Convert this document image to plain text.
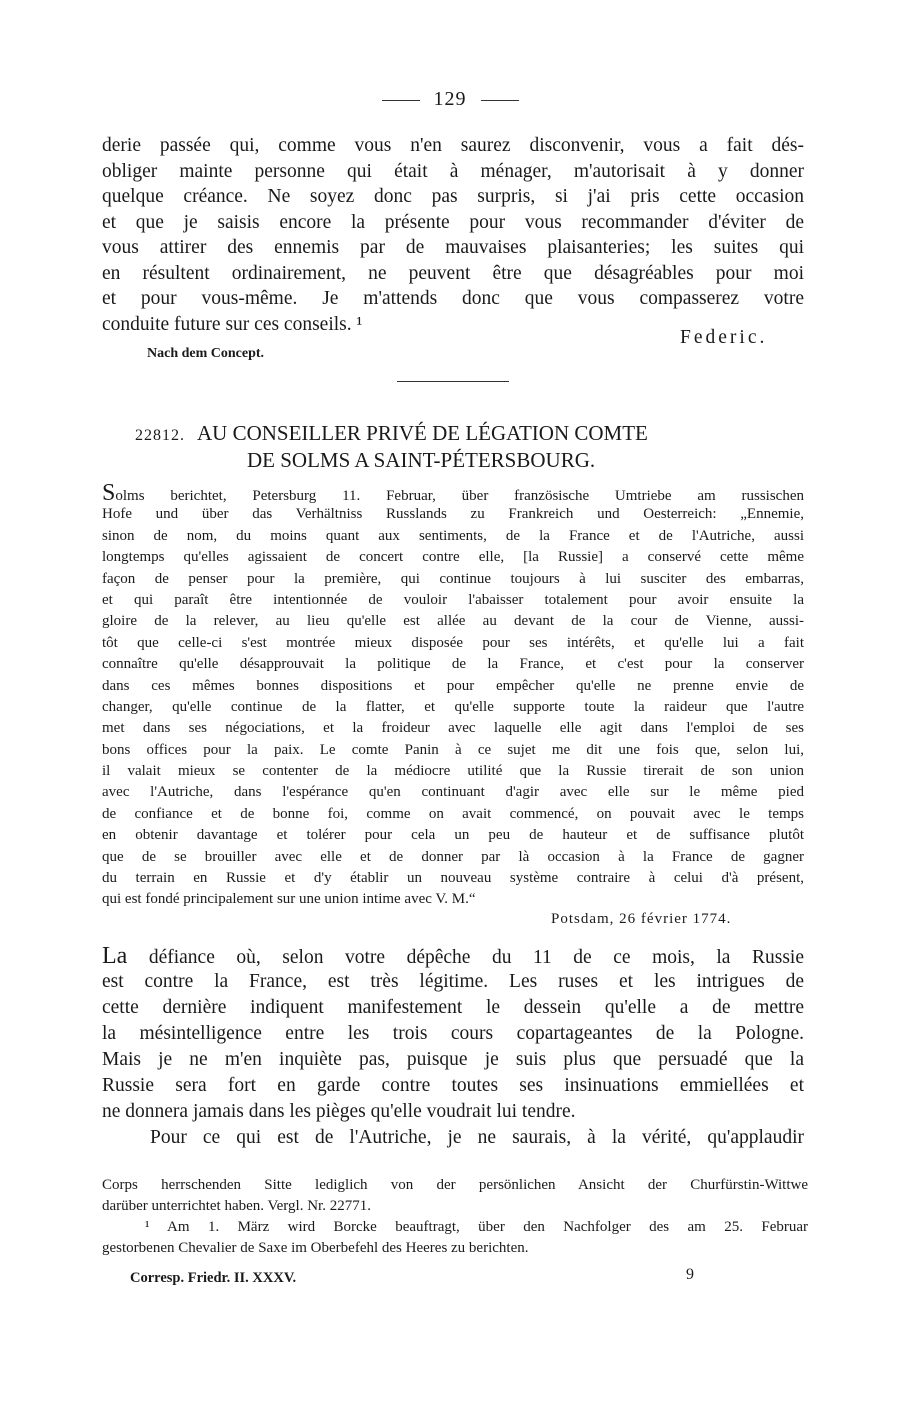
129
derie passée qui, comme vous n'en saurez disconvenir, vous a fait dés-
obliger mainte personne qui était à ménager, m'autorisait à y donner
quelque créance. Ne soyez donc pas surpris, si j'ai pris cette occasion
et que je saisis encore la présente pour vous recommander d'éviter de
vous attirer des ennemis par de mauvaises plaisanteries; les suites qui
en résultent ordinairement, ne peuvent être que désagréables pour moi
et pour vous-même. Je m'attends donc que vous compasserez votre
conduite future sur ces conseils. ¹
Federic.
Nach dem Concept.
22812. AU CONSEILLER PRIVÉ DE LÉGATION COMTE
DE SOLMS A SAINT-PÉTERSBOURG.
Solms berichtet, Petersburg 11. Februar, über französische Umtriebe am russischen
Hofe und über das Verhältniss Russlands zu Frankreich und Oesterreich: „Ennemie,
sinon de nom, du moins quant aux sentiments, de la France et de l'Autriche, aussi
longtemps qu'elles agissaient de concert contre elle, [la Russie] a conservé cette même
façon de penser pour la première, qui continue toujours à lui susciter des embarras,
et qui paraît être intentionnée de vouloir l'abaisser totalement pour avoir ensuite la
gloire de la relever, au lieu qu'elle est allée au devant de la cour de Vienne, aussi-
tôt que celle-ci s'est montrée mieux disposée pour ses intérêts, et qu'elle lui a fait
connaître qu'elle désapprouvait la politique de la France, et c'est pour la conserver
dans ces mêmes bonnes dispositions et pour empêcher qu'elle ne prenne envie de
changer, qu'elle continue de la flatter, et qu'elle supporte toute la raideur que l'autre
met dans ses négociations, et la froideur avec laquelle elle agit dans l'emploi de ses
bons offices pour la paix. Le comte Panin à ce sujet me dit une fois que, selon lui,
il valait mieux se contenter de la médiocre utilité que la Russie tirerait de son union
avec l'Autriche, dans l'espérance qu'en continuant d'agir avec elle sur le même pied
de confiance et de bonne foi, comme on avait commencé, on pouvait avec le temps
en obtenir davantage et tolérer pour cela un peu de hauteur et de suffisance plutôt
que de se brouiller avec elle et de donner par là occasion à la France de gagner
du terrain en Russie et d'y établir un nouveau système contraire à celui d'à présent,
qui est fondé principalement sur une union intime avec V. M.“
Potsdam, 26 février 1774.
La défiance où, selon votre dépêche du 11 de ce mois, la Russie
est contre la France, est très légitime. Les ruses et les intrigues de
cette dernière indiquent manifestement le dessein qu'elle a de mettre
la mésintelligence entre les trois cours copartageantes de la Pologne.
Mais je ne m'en inquiète pas, puisque je suis plus que persuadé que la
Russie sera fort en garde contre toutes ses insinuations emmiellées et
ne donnera jamais dans les pièges qu'elle voudrait lui tendre.
Pour ce qui est de l'Autriche, je ne saurais, à la vérité, qu'applaudir
Corps herrschenden Sitte lediglich von der persönlichen Ansicht der Churfürstin-Wittwe
darüber unterrichtet haben. Vergl. Nr. 22771.
¹ Am 1. März wird Borcke beauftragt, über den Nachfolger des am 25. Februar
gestorbenen Chevalier de Saxe im Oberbefehl des Heeres zu berichten.
Corresp. Friedr. II. XXXV.	9
